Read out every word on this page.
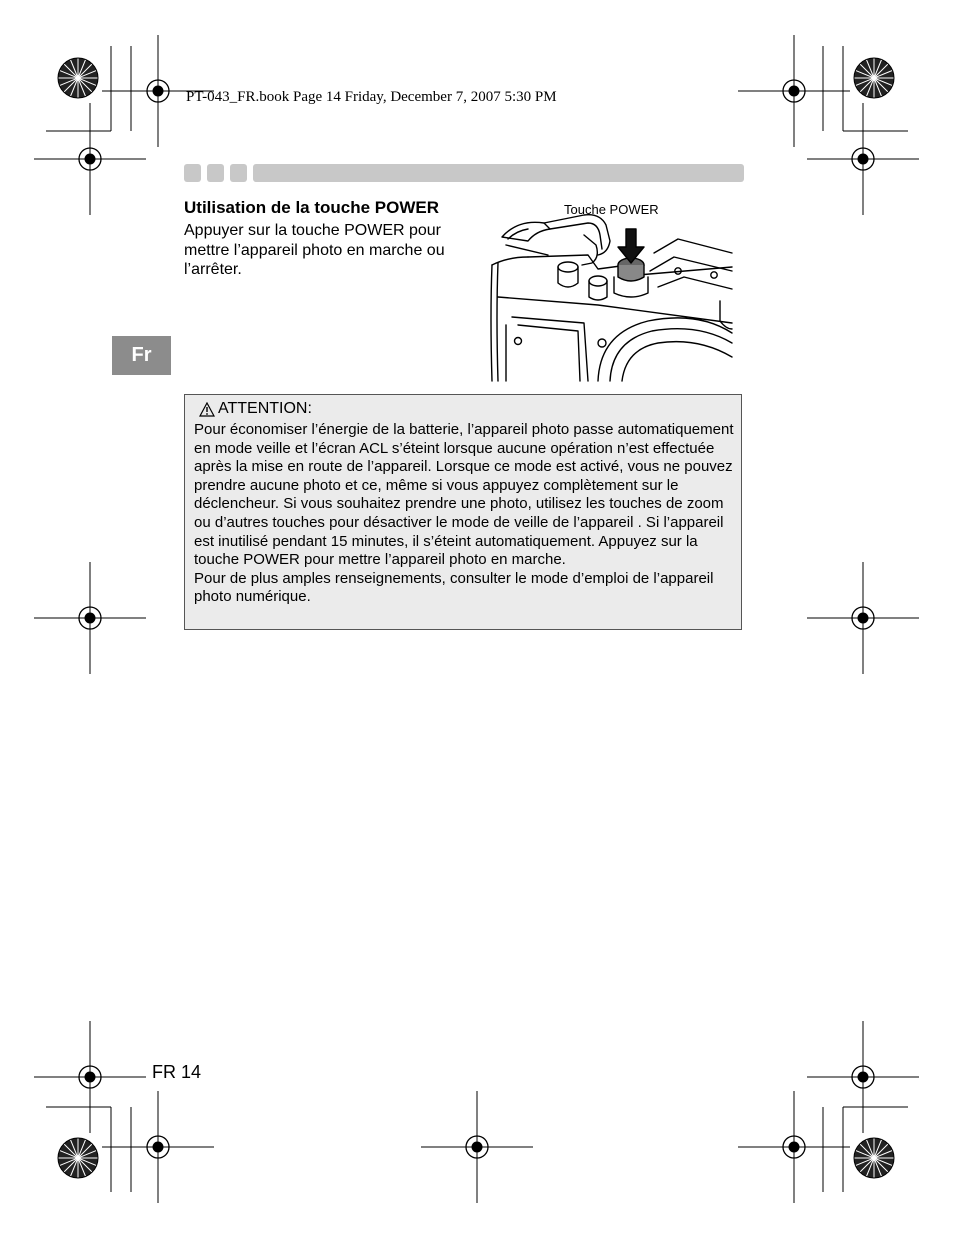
PT-043_FR.book Page 14 Friday, December 7, 2007 5:30 PM
Fr
Utilisation de la touche POWER
Appuyer sur la touche POWER pour mettre l’appareil photo en marche ou l’arrêter.
Touche POWER
ATTENTION:

Pour économiser l’énergie de la batterie, l’appareil photo passe automatiquement en mode veille et l’écran ACL s’éteint lorsque aucune opération n’est effectuée après la mise en route de l’appareil. Lorsque ce mode est activé, vous ne pouvez prendre aucune photo et ce, même si vous appuyez complètement sur le déclencheur. Si vous souhaitez prendre une photo, utilisez les touches de zoom ou d’autres touches pour désactiver le mode de veille de l’appareil . Si l’appareil est inutilisé pendant 15 minutes, il s’éteint automatiquement. Appuyez sur la touche POWER pour mettre l’appareil photo en marche.

Pour de plus amples renseignements, consulter le mode d’emploi de l’appareil photo numérique.

FR 14
